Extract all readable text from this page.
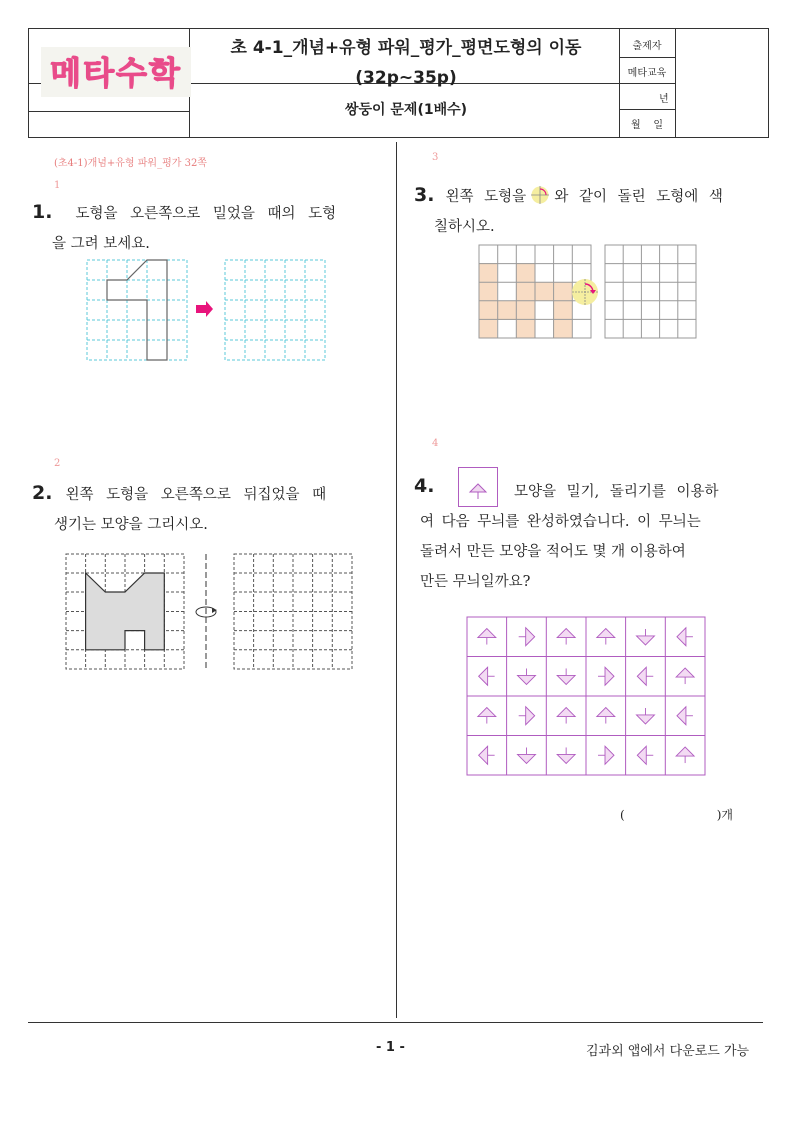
메타수학
초 4-1_개념+유형 파워_평가_평면도형의 이동
(32p~35p)
쌍둥이 문제(1배수)
출제자
메타교육
년
월 일
(초4-1)개념+유형 파워_평가 32쪽
1
1. 도형을 오른쪽으로 밀었을 때의 도형
을 그려 보세요.
2
2. 왼쪽 도형을 오른쪽으로 뒤집었을 때
생기는 모양을 그리시오.
3
3. 왼쪽 도형을 와 같이 돌린 도형에 색
칠하시오.
4
4.	모양을 밀기, 돌리기를 이용하
여 다음 무늬를 완성하였습니다. 이 무늬는
돌려서 만든 모양을 적어도 몇 개 이용하여
만든 무늬일까요?
(	)개
- 1 -	김과외 앱에서 다운로드 가능
